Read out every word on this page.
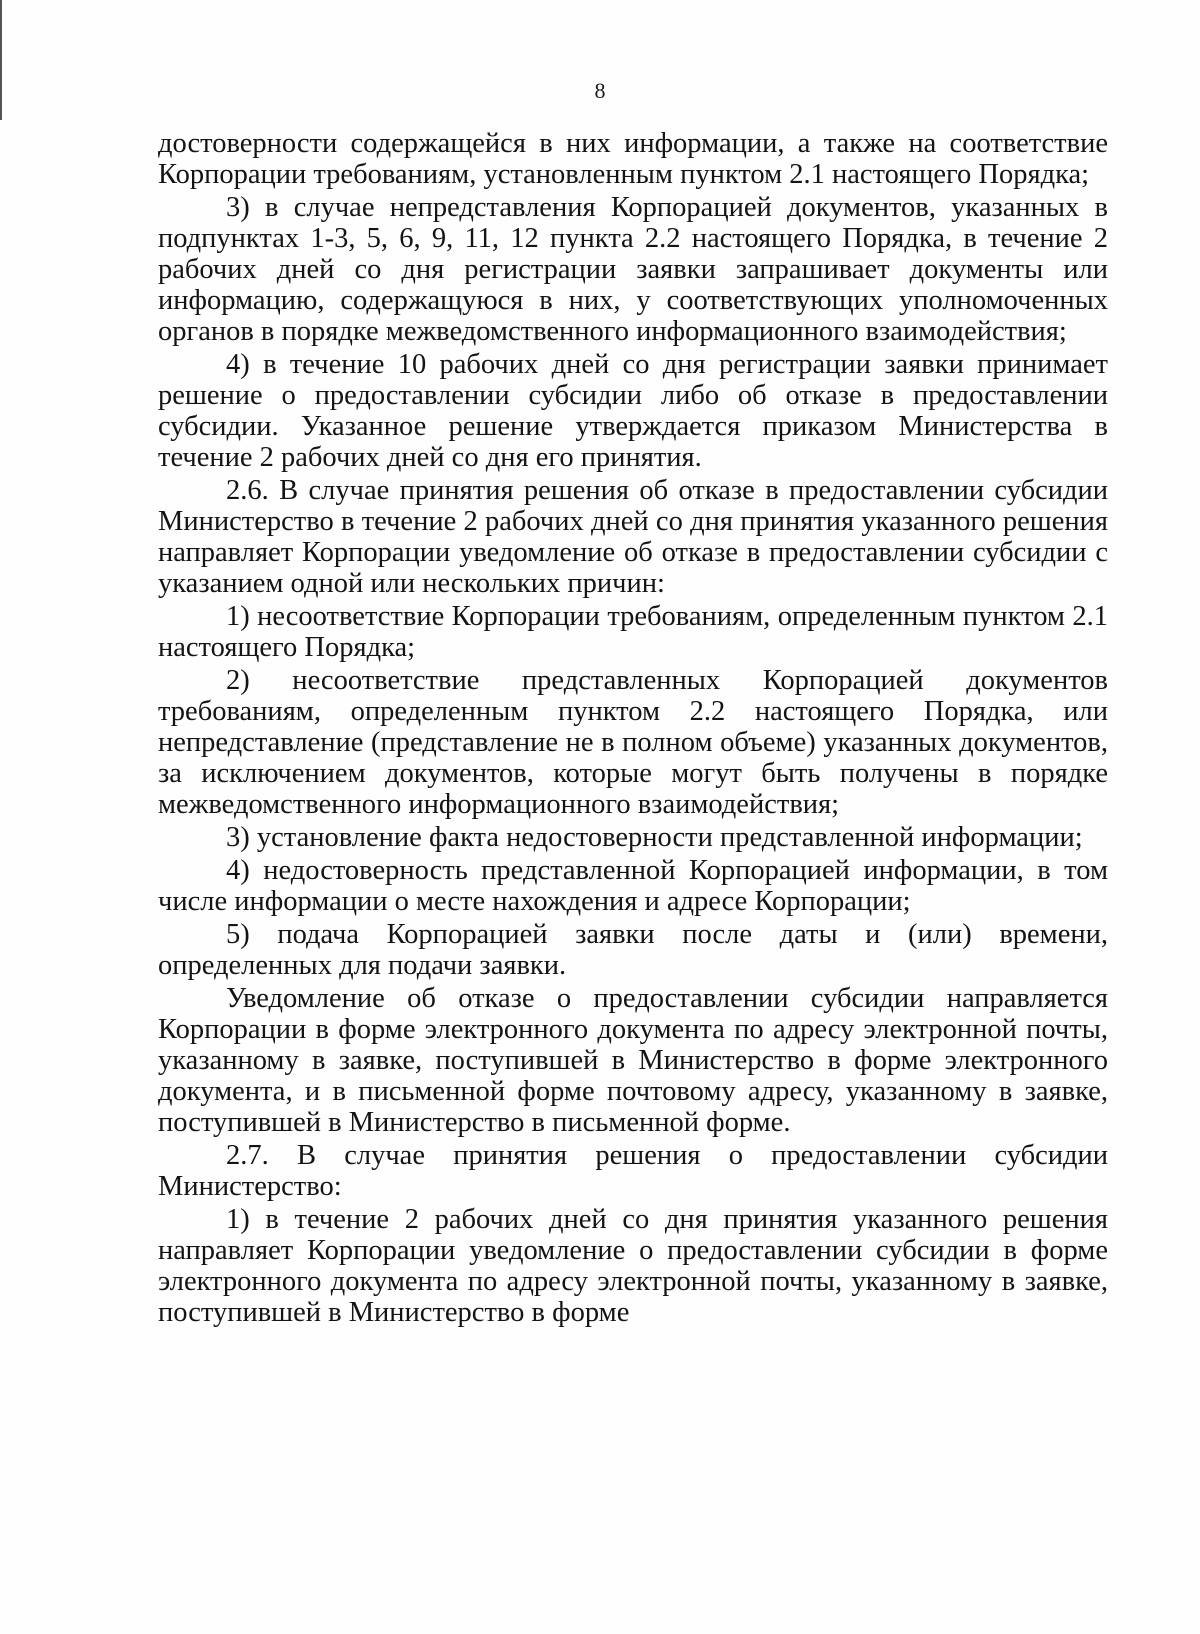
8

достоверности содержащейся в них информации, а также на соответствие Корпорации требованиям, установленным пунктом 2.1 настоящего Порядка;

3) в случае непредставления Корпорацией документов, указанных в подпунктах 1-3, 5, 6, 9, 11, 12 пункта 2.2 настоящего Порядка, в течение 2 рабочих дней со дня регистрации заявки запрашивает документы или информацию, содержащуюся в них, у соответствующих уполномоченных органов в порядке межведомственного информационного взаимодействия;

4) в течение 10 рабочих дней со дня регистрации заявки принимает решение о предоставлении субсидии либо об отказе в предоставлении субсидии. Указанное решение утверждается приказом Министерства в течение 2 рабочих дней со дня его принятия.

2.6. В случае принятия решения об отказе в предоставлении субсидии Министерство в течение 2 рабочих дней со дня принятия указанного решения направляет Корпорации уведомление об отказе в предоставлении субсидии с указанием одной или нескольких причин:

1) несоответствие Корпорации требованиям, определенным пунктом 2.1 настоящего Порядка;

2) несоответствие представленных Корпорацией документов требованиям, определенным пунктом 2.2 настоящего Порядка, или непредставление (представление не в полном объеме) указанных документов, за исключением документов, которые могут быть получены в порядке межведомственного информационного взаимодействия;

3) установление факта недостоверности представленной информации;

4) недостоверность представленной Корпорацией информации, в том числе информации о месте нахождения и адресе Корпорации;

5) подача Корпорацией заявки после даты и (или) времени, определенных для подачи заявки.

Уведомление об отказе о предоставлении субсидии направляется Корпорации в форме электронного документа по адресу электронной почты, указанному в заявке, поступившей в Министерство в форме электронного документа, и в письменной форме почтовому адресу, указанному в заявке, поступившей в Министерство в письменной форме.

2.7. В случае принятия решения о предоставлении субсидии Министерство:

1) в течение 2 рабочих дней со дня принятия указанного решения направляет Корпорации уведомление о предоставлении субсидии в форме электронного документа по адресу электронной почты, указанному в заявке, поступившей в Министерство в форме
